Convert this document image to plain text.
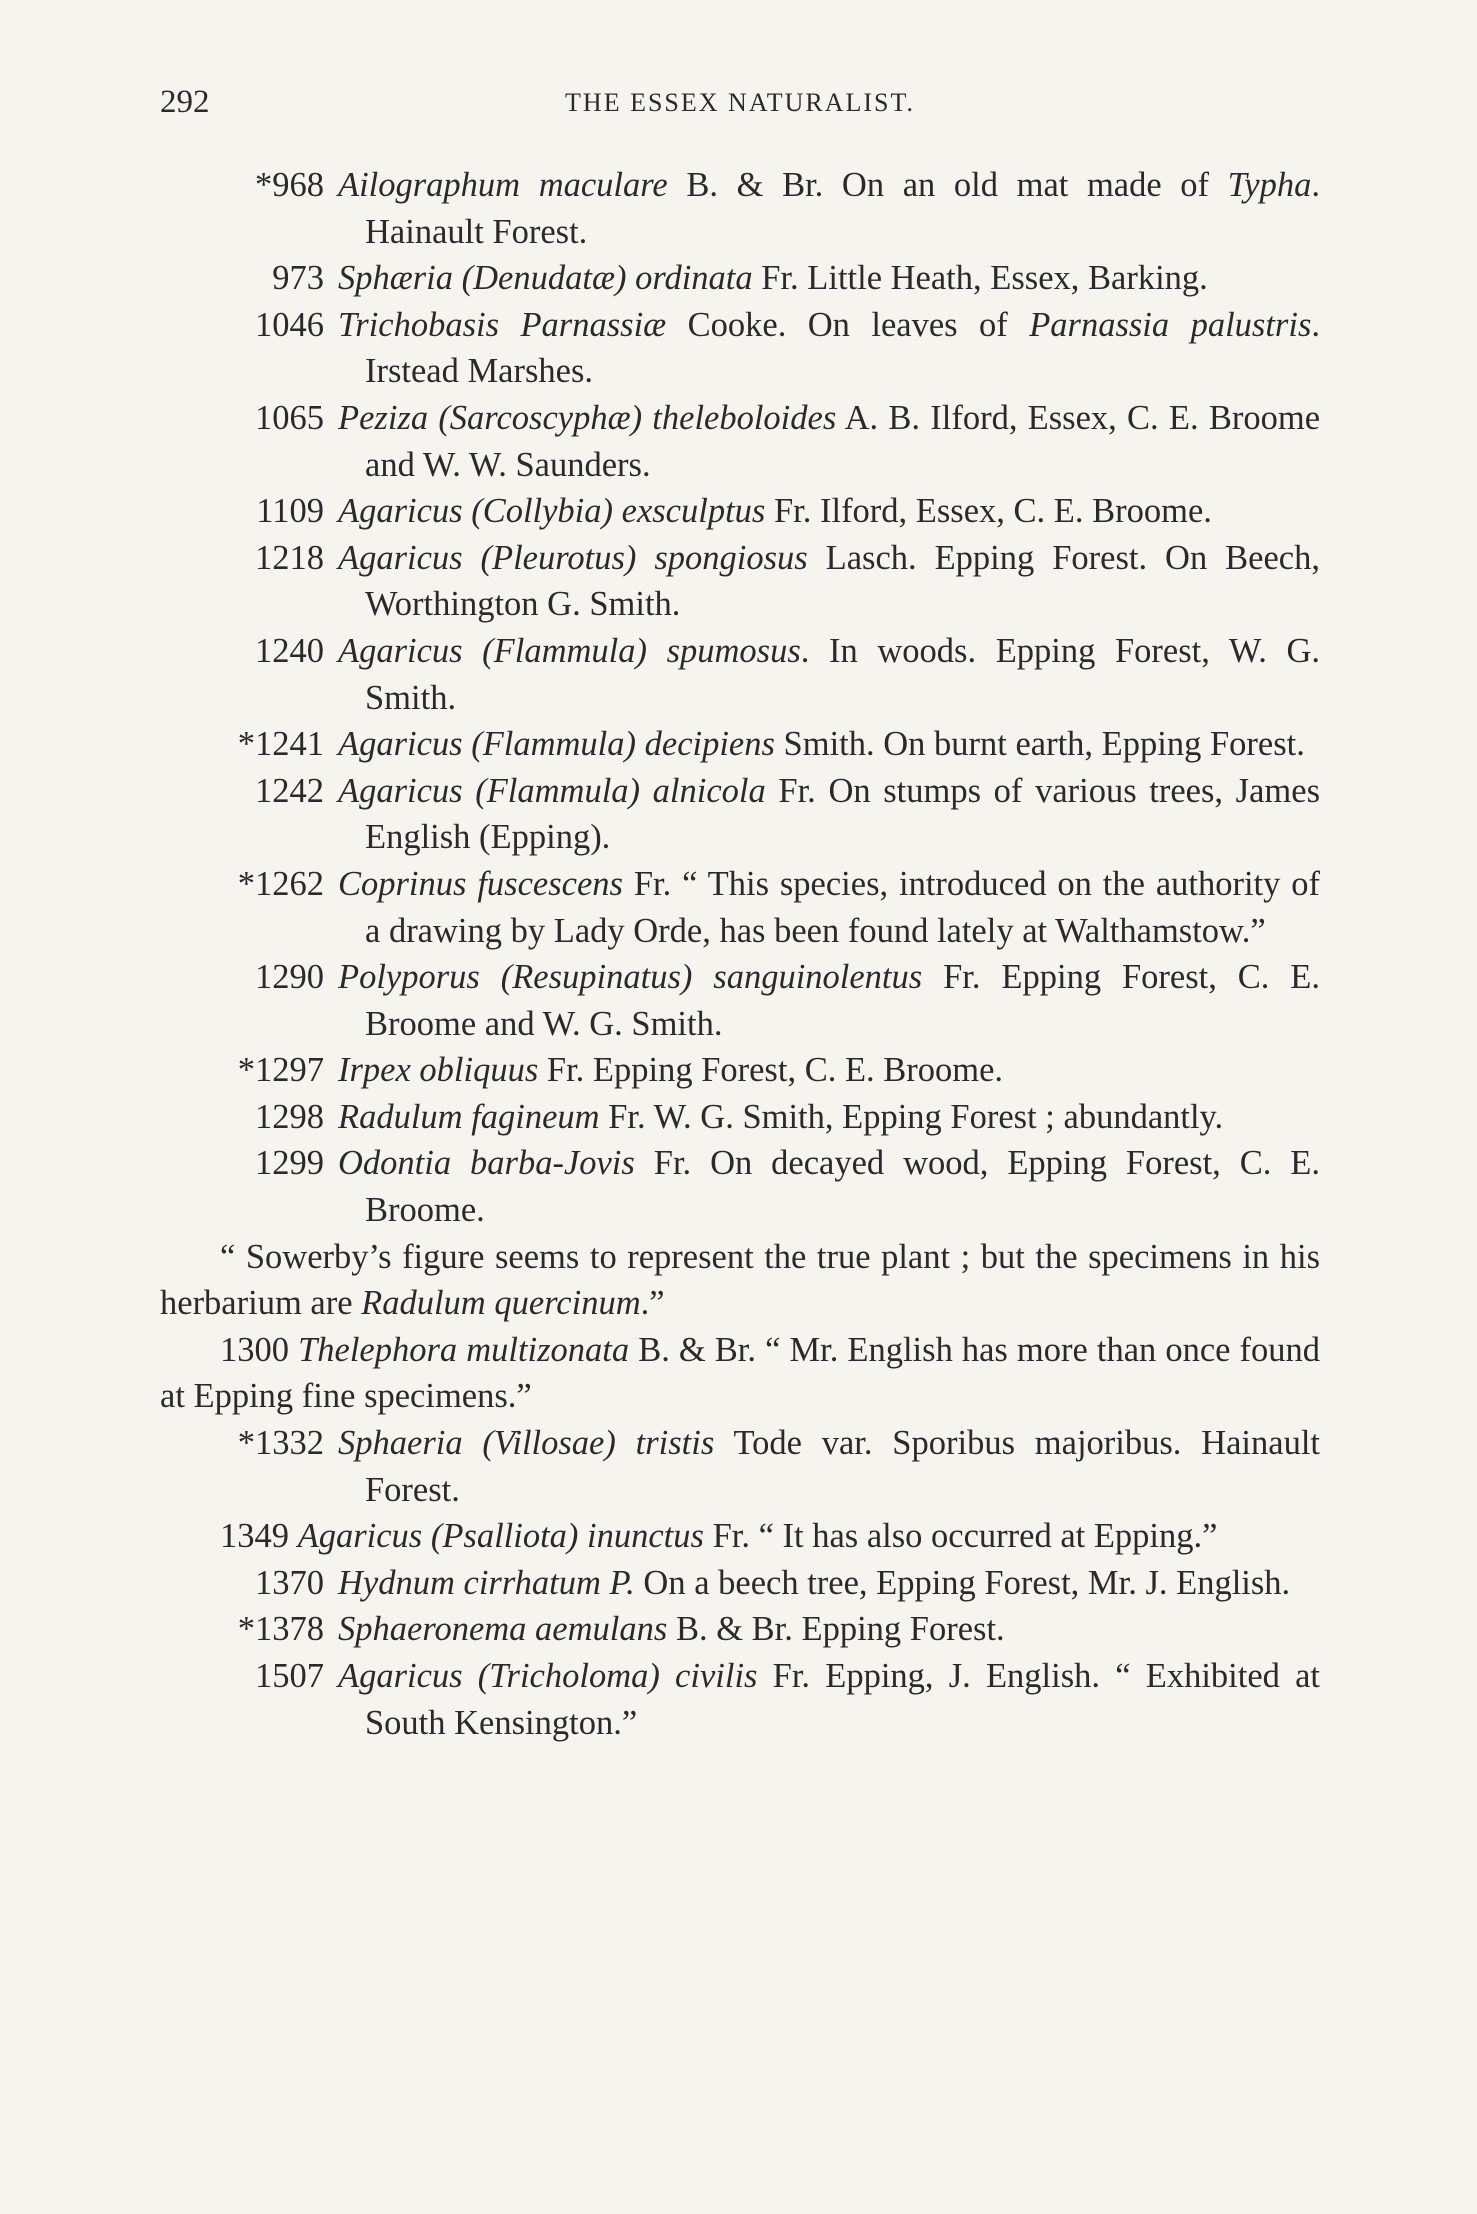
292	THE ESSEX NATURALIST.
*968 Ailographum maculare B. & Br. On an old mat made of Typha. Hainault Forest.
973 Sphæria (Denudatæ) ordinata Fr. Little Heath, Essex, Barking.
1046 Trichobasis Parnassiæ Cooke. On leaves of Parnassia palustris. Irstead Marshes.
1065 Peziza (Sarcoscyphæ) theleboloides A. B. Ilford, Essex, C. E. Broome and W. W. Saunders.
1109 Agaricus (Collybia) exsculptus Fr. Ilford, Essex, C. E. Broome.
1218 Agaricus (Pleurotus) spongiosus Lasch. Epping Forest. On Beech, Worthington G. Smith.
1240 Agaricus (Flammula) spumosus. In woods. Epping Forest, W. G. Smith.
*1241 Agaricus (Flammula) decipiens Smith. On burnt earth, Epping Forest.
1242 Agaricus (Flammula) alnicola Fr. On stumps of various trees, James English (Epping).
*1262 Coprinus fuscescens Fr. “ This species, introduced on the authority of a drawing by Lady Orde, has been found lately at Walthamstow.”
1290 Polyporus (Resupinatus) sanguinolentus Fr. Epping Forest, C. E. Broome and W. G. Smith.
*1297 Irpex obliquus Fr. Epping Forest, C. E. Broome.
1298 Radulum fagineum Fr. W. G. Smith, Epping Forest ; abundantly.
1299 Odontia barba-Jovis Fr. On decayed wood, Epping Forest, C. E. Broome.
“ Sowerby’s figure seems to represent the true plant ; but the specimens in his herbarium are Radulum quercinum.”
1300 Thelephora multizonata B. & Br. “ Mr. English has more than once found at Epping fine specimens.”
*1332 Sphaeria (Villosae) tristis Tode var. Sporibus majoribus. Hainault Forest.
1349 Agaricus (Psalliota) inunctus Fr. “ It has also occurred at Epping.”
1370 Hydnum cirrhatum P. On a beech tree, Epping Forest, Mr. J. English.
*1378 Sphaeronema aemulans B. & Br. Epping Forest.
1507 Agaricus (Tricholoma) civilis Fr. Epping, J. English. “ Exhibited at South Kensington.”
